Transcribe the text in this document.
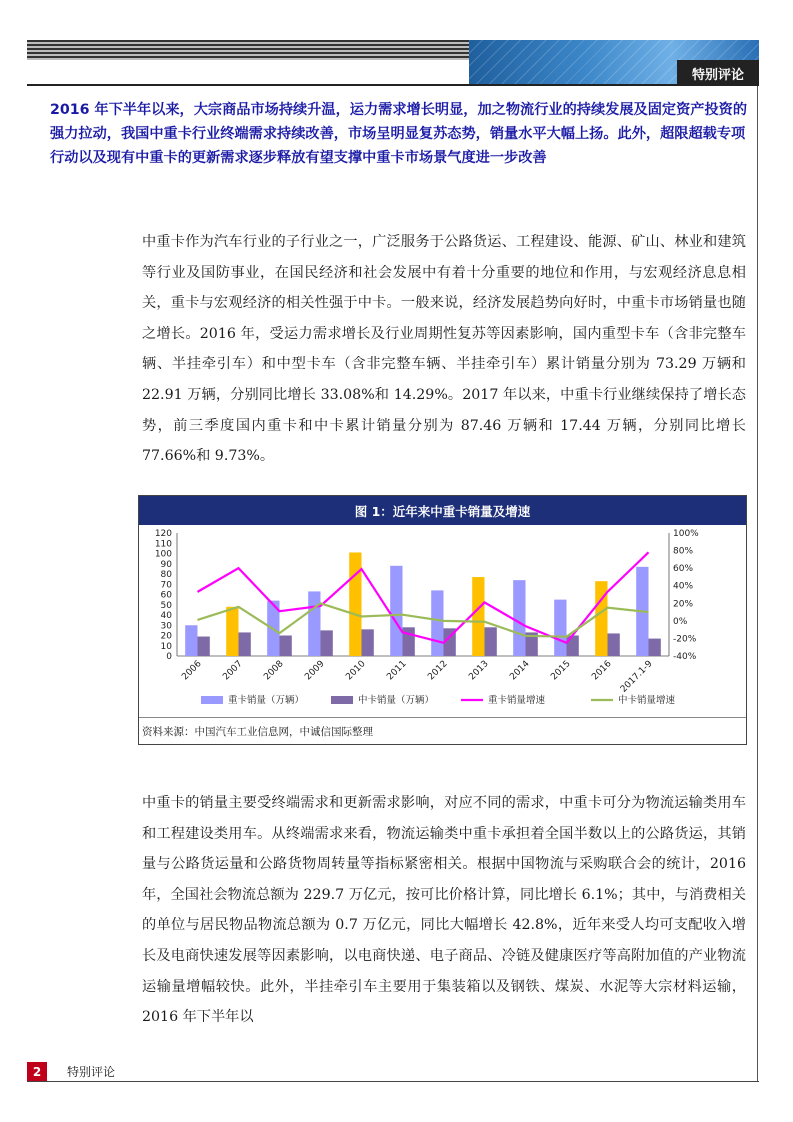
特别评论
2016 年下半年以来，大宗商品市场持续升温，运力需求增长明显，加之物流行业的持续发展及固定资产投资的强力拉动，我国中重卡行业终端需求持续改善，市场呈明显复苏态势，销量水平大幅上扬。此外，超限超载专项行动以及现有中重卡的更新需求逐步释放有望支撑中重卡市场景气度进一步改善
中重卡作为汽车行业的子行业之一，广泛服务于公路货运、工程建设、能源、矿山、林业和建筑等行业及国防事业，在国民经济和社会发展中有着十分重要的地位和作用，与宏观经济息息相关，重卡与宏观经济的相关性强于中卡。一般来说，经济发展趋势向好时，中重卡市场销量也随之增长。2016 年，受运力需求增长及行业周期性复苏等因素影响，国内重型卡车（含非完整车辆、半挂牵引车）和中型卡车（含非完整车辆、半挂牵引车）累计销量分别为 73.29 万辆和 22.91 万辆，分别同比增长 33.08%和 14.29%。2017 年以来，中重卡行业继续保持了增长态势，前三季度国内重卡和中卡累计销量分别为 87.46 万辆和 17.44 万辆，分别同比增长 77.66%和 9.73%。
图 1：近年来中重卡销量及增速
0
10
20
30
40
50
60
70
80
90
100
110
120	100%
80%
60%
40%
20%
0%
-20%
-40%
2006 2007 2008 2009 2010 2011 2012 2013 2014 2015 2016 2017.1-9
重卡销量（万辆）	中卡销量（万辆）	重卡销量增速	中卡销量增速
资料来源：中国汽车工业信息网，中诚信国际整理
中重卡的销量主要受终端需求和更新需求影响，对应不同的需求，中重卡可分为物流运输类用车和工程建设类用车。从终端需求来看，物流运输类中重卡承担着全国半数以上的公路货运，其销量与公路货运量和公路货物周转量等指标紧密相关。根据中国物流与采购联合会的统计，2016 年，全国社会物流总额为 229.7 万亿元，按可比价格计算，同比增长 6.1%；其中，与消费相关的单位与居民物品物流总额为 0.7 万亿元，同比大幅增长 42.8%，近年来受人均可支配收入增长及电商快速发展等因素影响，以电商快递、电子商品、冷链及健康医疗等高附加值的产业物流运输量增幅较快。此外，半挂牵引车主要用于集装箱以及钢铁、煤炭、水泥等大宗材料运输，2016 年下半年以
2	特别评论
